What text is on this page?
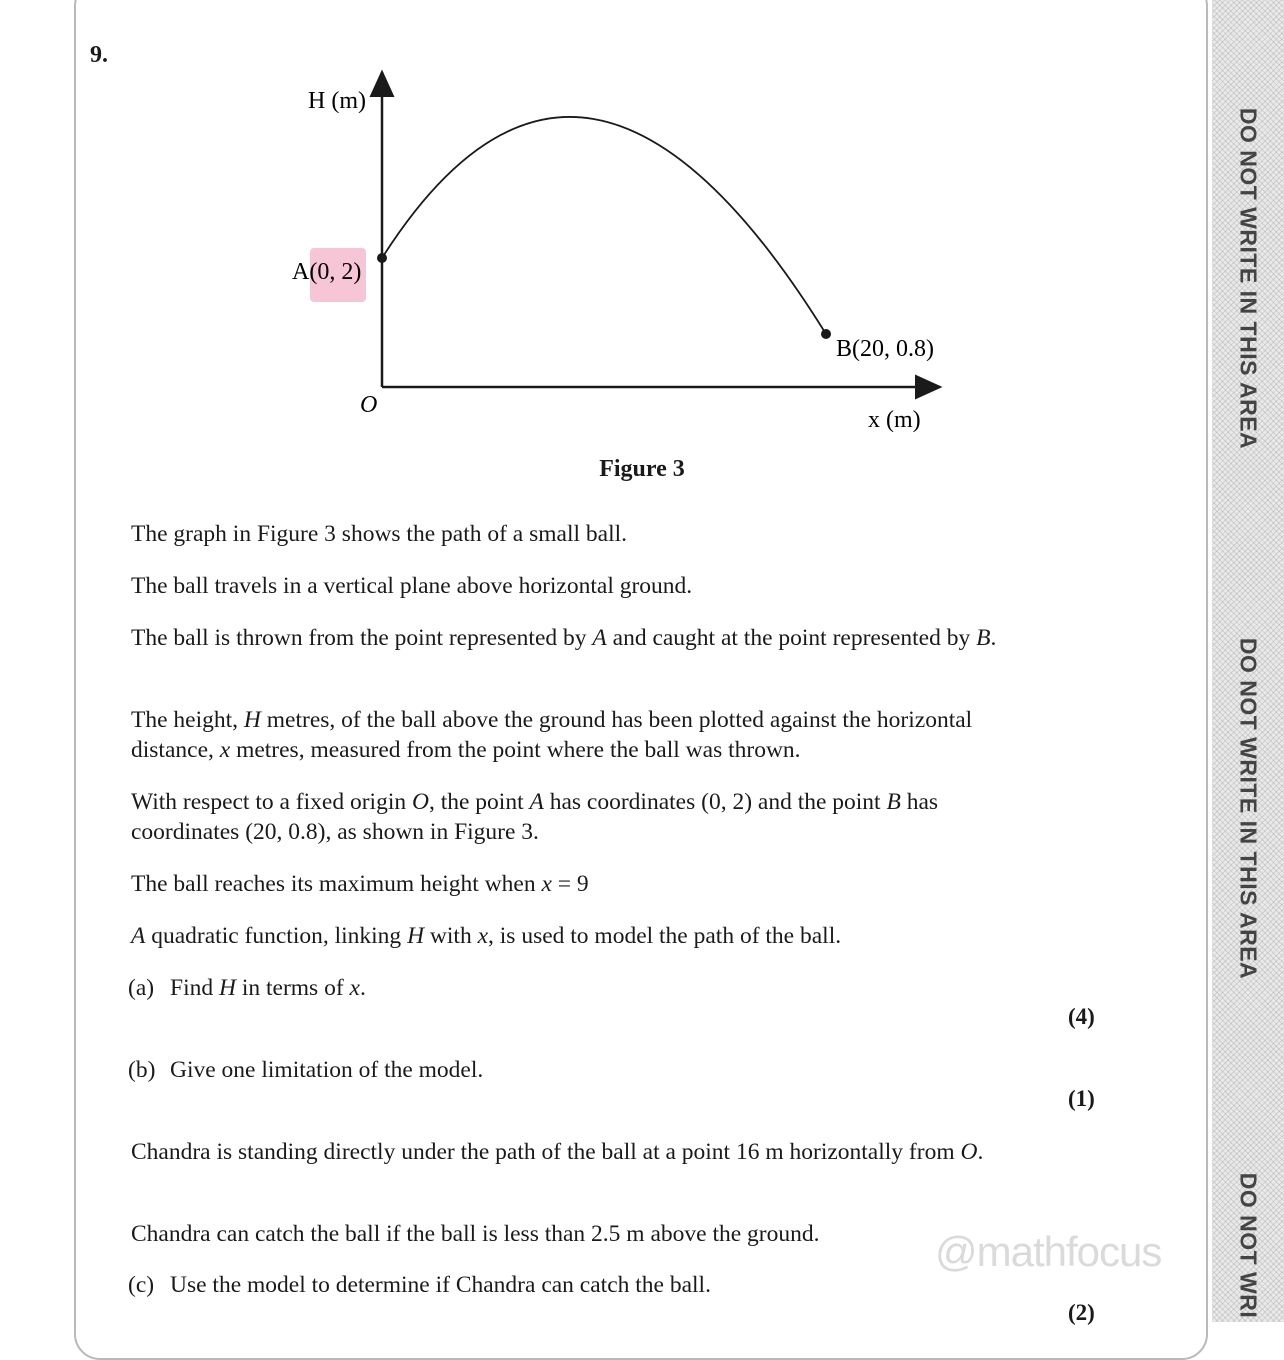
DO NOT WRITE IN THIS AREA
DO NOT WRITE IN THIS AREA
DO NOT WRI
9.
H (m)
A(0, 2)
B(20, 0.8)
O
x (m)
Figure 3
The graph in Figure 3 shows the path of a small ball.
The ball travels in a vertical plane above horizontal ground.
The ball is thrown from the point represented by A and caught at the point represented by B.
The height, H metres, of the ball above the ground has been plotted against the horizontal distance, x metres, measured from the point where the ball was thrown.
With respect to a fixed origin O, the point A has coordinates (0, 2) and the point B has coordinates (20, 0.8), as shown in Figure 3.
The ball reaches its maximum height when x = 9
A quadratic function, linking H with x, is used to model the path of the ball.
(a) Find H in terms of x.
(4)
(b) Give one limitation of the model.
(1)
Chandra is standing directly under the path of the ball at a point 16 m horizontally from O.
Chandra can catch the ball if the ball is less than 2.5 m above the ground.
(c) Use the model to determine if Chandra can catch the ball.
(2)
@mathfocus
